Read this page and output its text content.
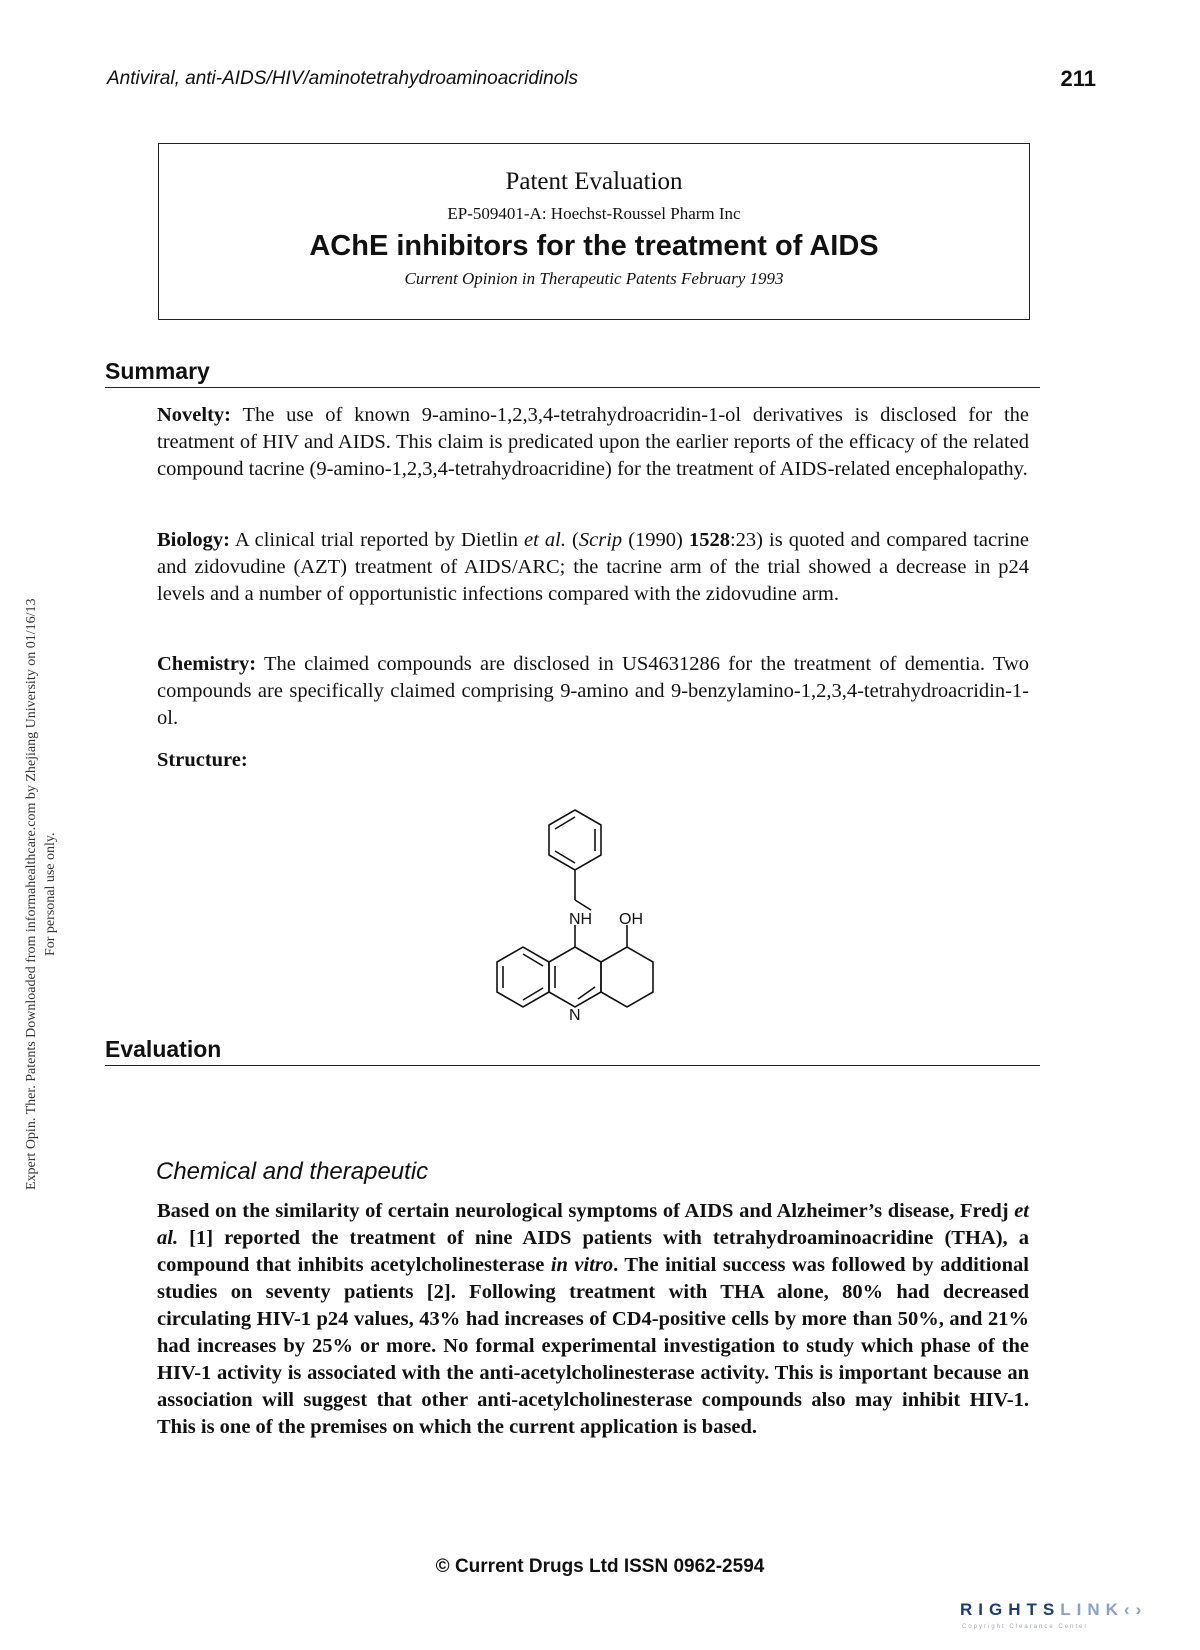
Antiviral, anti-AIDS/HIV/aminotetrahydroaminoacridinols	211
Expert Opin. Ther. Patents Downloaded from informahealthcare.com by Zhejiang University on 01/16/13 For personal use only.
Patent Evaluation
EP-509401-A: Hoechst-Roussel Pharm Inc
AChE inhibitors for the treatment of AIDS
Current Opinion in Therapeutic Patents February 1993
Summary
Novelty: The use of known 9-amino-1,2,3,4-tetrahydroacridin-1-ol derivatives is disclosed for the treatment of HIV and AIDS. This claim is predicated upon the earlier reports of the efficacy of the related compound tacrine (9-amino-1,2,3,4-tetrahydroacridine) for the treatment of AIDS-related encephalopathy.
Biology: A clinical trial reported by Dietlin et al. (Scrip (1990) 1528:23) is quoted and compared tacrine and zidovudine (AZT) treatment of AIDS/ARC; the tacrine arm of the trial showed a decrease in p24 levels and a number of opportunistic infections compared with the zidovudine arm.
Chemistry: The claimed compounds are disclosed in US4631286 for the treatment of dementia. Two compounds are specifically claimed comprising 9-amino and 9-benzylamino-1,2,3,4-tetrahydroacridin-1-ol.
Structure:
NH OH
N
Evaluation
Chemical and therapeutic
Based on the similarity of certain neurological symptoms of AIDS and Alzheimer’s disease, Fredj et al. [1] reported the treatment of nine AIDS patients with tetrahydroaminoacridine (THA), a compound that inhibits acetylcholinesterase in vitro. The initial success was followed by additional studies on seventy patients [2]. Following treatment with THA alone, 80% had decreased circulating HIV-1 p24 values, 43% had increases of CD4-positive cells by more than 50%, and 21% had increases by 25% or more. No formal experimental investigation to study which phase of the HIV-1 activity is associated with the anti-acetylcholinesterase activity. This is important because an association will suggest that other anti-acetylcholinesterase compounds also may inhibit HIV-1. This is one of the premises on which the current application is based.
© Current Drugs Ltd ISSN 0962-2594
RIGHTSLINK‹›
Copyright Clearance Center
